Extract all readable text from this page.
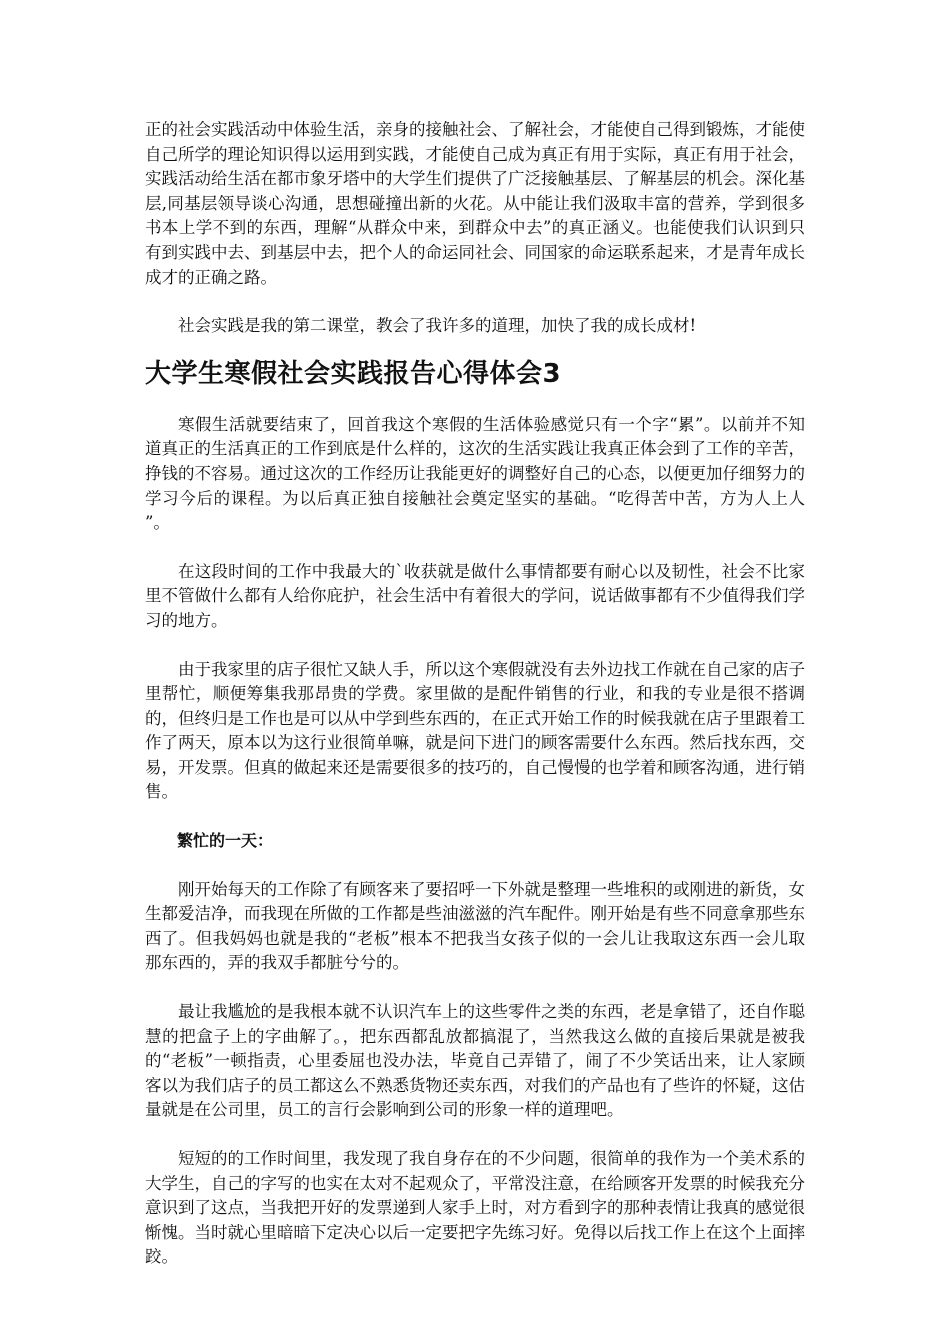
正的社会实践活动中体验生活，亲身的接触社会、了解社会，才能使自己得到锻炼，才能使自己所学的理论知识得以运用到实践，才能使自己成为真正有用于实际，真正有用于社会，实践活动给生活在都市象牙塔中的大学生们提供了广泛接触基层、了解基层的机会。深化基层,同基层领导谈心沟通，思想碰撞出新的火花。从中能让我们汲取丰富的营养，学到很多书本上学不到的东西，理解“从群众中来，到群众中去”的真正涵义。也能使我们认识到只有到实践中去、到基层中去，把个人的命运同社会、同国家的命运联系起来，才是青年成长成才的正确之路。

社会实践是我的第二课堂，教会了我许多的道理，加快了我的成长成材!

大学生寒假社会实践报告心得体会3

寒假生活就要结束了，回首我这个寒假的生活体验感觉只有一个字“累”。以前并不知道真正的生活真正的工作到底是什么样的，这次的生活实践让我真正体会到了工作的辛苦，挣钱的不容易。通过这次的工作经历让我能更好的调整好自己的心态，以便更加仔细努力的学习今后的课程。为以后真正独自接触社会奠定坚实的基础。“吃得苦中苦，方为人上人 ”。

在这段时间的工作中我最大的`收获就是做什么事情都要有耐心以及韧性，社会不比家里不管做什么都有人给你庇护，社会生活中有着很大的学问，说话做事都有不少值得我们学习的地方。

由于我家里的店子很忙又缺人手，所以这个寒假就没有去外边找工作就在自己家的店子里帮忙，顺便筹集我那昂贵的学费。家里做的是配件销售的行业，和我的专业是很不搭调的，但终归是工作也是可以从中学到些东西的，在正式开始工作的时候我就在店子里跟着工作了两天，原本以为这行业很简单嘛，就是问下进门的顾客需要什么东西。然后找东西，交易，开发票。但真的做起来还是需要很多的技巧的，自己慢慢的也学着和顾客沟通，进行销售。

繁忙的一天：

刚开始每天的工作除了有顾客来了要招呼一下外就是整理一些堆积的或刚进的新货，女生都爱洁净，而我现在所做的工作都是些油滋滋的汽车配件。刚开始是有些不同意拿那些东西了。但我妈妈也就是我的“老板”根本不把我当女孩子似的一会儿让我取这东西一会儿取那东西的，弄的我双手都脏兮兮的。

最让我尴尬的是我根本就不认识汽车上的这些零件之类的东西，老是拿错了，还自作聪慧的把盒子上的字曲解了。，把东西都乱放都搞混了，当然我这么做的直接后果就是被我的“老板”一顿指责，心里委屈也没办法，毕竟自己弄错了，闹了不少笑话出来，让人家顾客以为我们店子的员工都这么不熟悉货物还卖东西，对我们的产品也有了些许的怀疑，这估量就是在公司里，员工的言行会影响到公司的形象一样的道理吧。

短短的的工作时间里，我发现了我自身存在的不少问题，很简单的我作为一个美术系的大学生，自己的字写的也实在太对不起观众了，平常没注意，在给顾客开发票的时候我充分意识到了这点，当我把开好的发票递到人家手上时，对方看到字的那种表情让我真的感觉很惭愧。当时就心里暗暗下定决心以后一定要把字先练习好。免得以后找工作上在这个上面摔跤。
